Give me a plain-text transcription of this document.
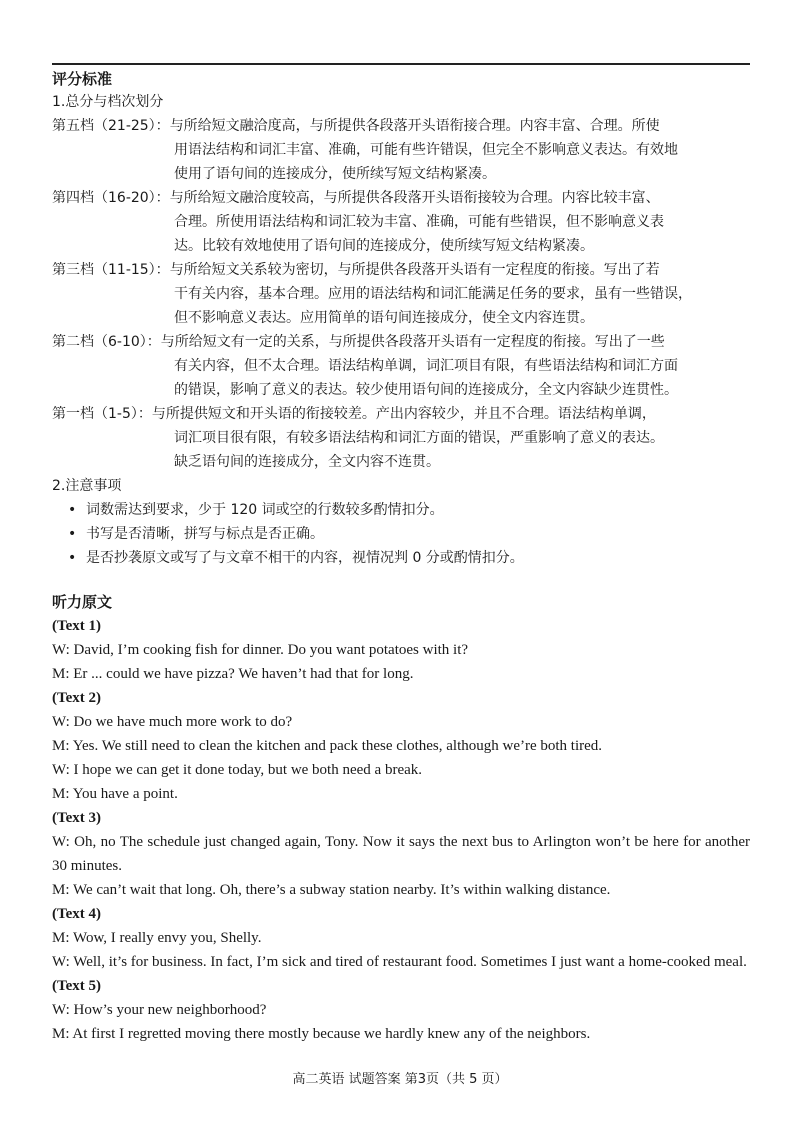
评分标准
1.总分与档次划分
第五档（21-25）：与所给短文融洽度高，与所提供各段落开头语衔接合理。内容丰富、合理。所使
用语法结构和词汇丰富、准确，可能有些许错误，但完全不影响意义表达。有效地
使用了语句间的连接成分，使所续写短文结构紧凑。
第四档（16-20）：与所给短文融洽度较高，与所提供各段落开头语衔接较为合理。内容比较丰富、
合理。所使用语法结构和词汇较为丰富、准确，可能有些错误，但不影响意义表
达。比较有效地使用了语句间的连接成分，使所续写短文结构紧凑。
第三档（11-15）：与所给短文关系较为密切，与所提供各段落开头语有一定程度的衔接。写出了若
干有关内容，基本合理。应用的语法结构和词汇能满足任务的要求，虽有一些错误，
但不影响意义表达。应用简单的语句间连接成分，使全文内容连贯。
第二档（6-10）：与所给短文有一定的关系，与所提供各段落开头语有一定程度的衔接。写出了一些
有关内容，但不太合理。语法结构单调，词汇项目有限，有些语法结构和词汇方面
的错误，影响了意义的表达。较少使用语句间的连接成分，全文内容缺少连贯性。
第一档（1-5）：与所提供短文和开头语的衔接较差。产出内容较少，并且不合理。语法结构单调，
词汇项目很有限，有较多语法结构和词汇方面的错误，严重影响了意义的表达。
缺乏语句间的连接成分，全文内容不连贯。
2.注意事项
• 词数需达到要求，少于 120 词或空的行数较多酌情扣分。
• 书写是否清晰，拼写与标点是否正确。
• 是否抄袭原文或写了与文章不相干的内容，视情况判 0 分或酌情扣分。
听力原文
(Text 1)
W: David, I’m cooking fish for dinner. Do you want potatoes with it?
M: Er ... could we have pizza? We haven’t had that for long.
(Text 2)
W: Do we have much more work to do?
M: Yes. We still need to clean the kitchen and pack these clothes, although we’re both tired.
W: I hope we can get it done today, but we both need a break.
M: You have a point.
(Text 3)
W: Oh, no The schedule just changed again, Tony. Now it says the next bus to Arlington won’t be here for another 30 minutes.
M: We can’t wait that long. Oh, there’s a subway station nearby. It’s within walking distance.
(Text 4)
M: Wow, I really envy you, Shelly.
W: Well, it’s for business. In fact, I’m sick and tired of restaurant food. Sometimes I just want a home-cooked meal.
(Text 5)
W: How’s your new neighborhood?
M: At first I regretted moving there mostly because we hardly knew any of the neighbors.
高二英语 试题答案 第3页（共 5 页）
